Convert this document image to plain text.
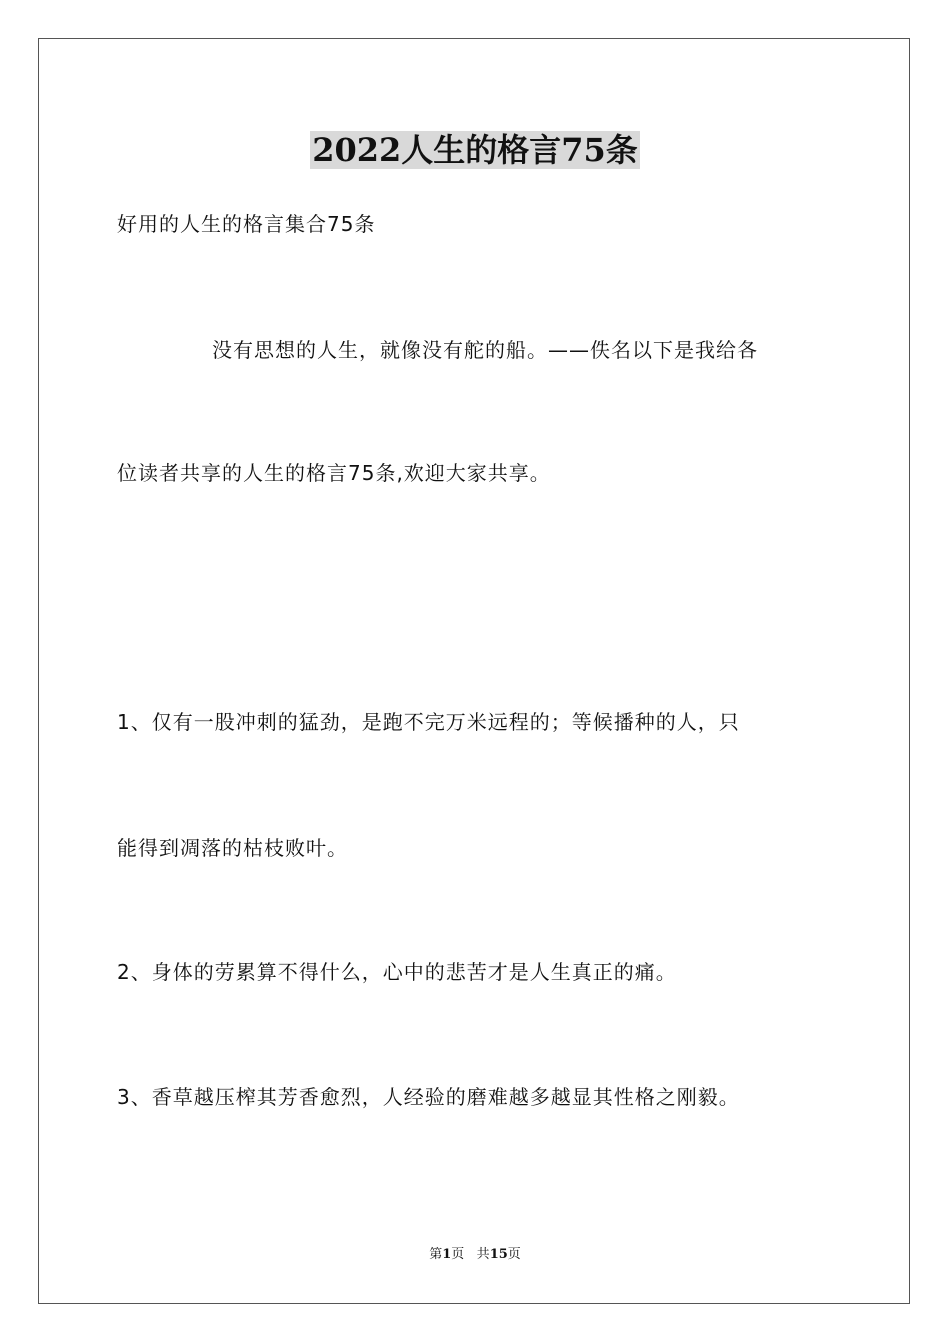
2022人生的格言75条
好用的人生的格言集合75条
没有思想的人生，就像没有舵的船。——佚名以下是我给各
位读者共享的人生的格言75条,欢迎大家共享。
1、仅有一股冲刺的猛劲，是跑不完万米远程的；等候播种的人，只
能得到凋落的枯枝败叶。
2、身体的劳累算不得什么，心中的悲苦才是人生真正的痛。
3、香草越压榨其芳香愈烈，人经验的磨难越多越显其性格之刚毅。
第1页 共15页
